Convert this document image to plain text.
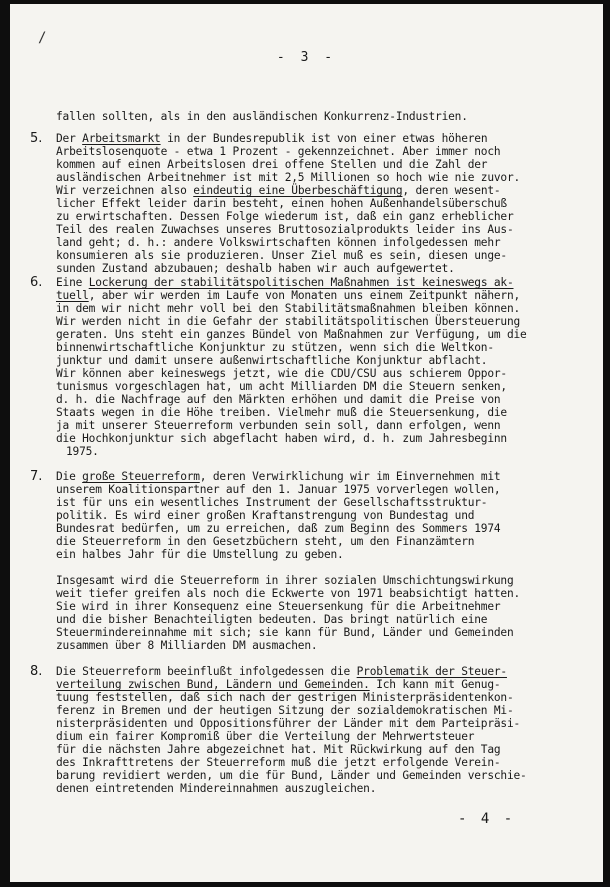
/
- 3 -

fallen sollten, als in den ausländischen Konkurrenz-Industrien.

5. Der Arbeitsmarkt in der Bundesrepublik ist von einer etwas höheren

Arbeitslosenquote - etwa 1 Prozent - gekennzeichnet. Aber immer noch

kommen auf einen Arbeitslosen drei offene Stellen und die Zahl der

ausländischen Arbeitnehmer ist mit 2,5 Millionen so hoch wie nie zuvor.

Wir verzeichnen also eindeutig eine Überbeschäftigung, deren wesent-

licher Effekt leider darin besteht, einen hohen Außenhandelsüberschuß

zu erwirtschaften. Dessen Folge wiederum ist, daß ein ganz erheblicher

Teil des realen Zuwachses unseres Bruttosozialprodukts leider ins Aus-

land geht; d. h.: andere Volkswirtschaften können infolgedessen mehr

konsumieren als sie produzieren. Unser Ziel muß es sein, diesen unge-

sunden Zustand abzubauen; deshalb haben wir auch aufgewertet.

6. Eine Lockerung der stabilitätspolitischen Maßnahmen ist keineswegs ak-

tuell, aber wir werden im Laufe von Monaten uns einem Zeitpunkt nähern,

in dem wir nicht mehr voll bei den Stabilitätsmaßnahmen bleiben können.

Wir werden nicht in die Gefahr der stabilitätspolitischen Übersteuerung

geraten. Uns steht ein ganzes Bündel von Maßnahmen zur Verfügung, um die

binnenwirtschaftliche Konjunktur zu stützen, wenn sich die Weltkon-

junktur und damit unsere außenwirtschaftliche Konjunktur abflacht.

Wir können aber keineswegs jetzt, wie die CDU/CSU aus schierem Oppor-

tunismus vorgeschlagen hat, um acht Milliarden DM die Steuern senken,

d. h. die Nachfrage auf den Märkten erhöhen und damit die Preise von

Staats wegen in die Höhe treiben. Vielmehr muß die Steuersenkung, die

ja mit unserer Steuerreform verbunden sein soll, dann erfolgen, wenn

die Hochkonjunktur sich abgeflacht haben wird, d. h. zum Jahresbeginn

1975.

7. Die große Steuerreform, deren Verwirklichung wir im Einvernehmen mit

unserem Koalitionspartner auf den 1. Januar 1975 vorverlegen wollen,

ist für uns ein wesentliches Instrument der Gesellschaftsstruktur-

politik. Es wird einer großen Kraftanstrengung von Bundestag und

Bundesrat bedürfen, um zu erreichen, daß zum Beginn des Sommers 1974

die Steuerreform in den Gesetzbüchern steht, um den Finanzämtern

ein halbes Jahr für die Umstellung zu geben.

Insgesamt wird die Steuerreform in ihrer sozialen Umschichtungswirkung

weit tiefer greifen als noch die Eckwerte von 1971 beabsichtigt hatten.

Sie wird in ihrer Konsequenz eine Steuersenkung für die Arbeitnehmer

und die bisher Benachteiligten bedeuten. Das bringt natürlich eine

Steuermindereinnahme mit sich; sie kann für Bund, Länder und Gemeinden

zusammen über 8 Milliarden DM ausmachen.

8. Die Steuerreform beeinflußt infolgedessen die Problematik der Steuer-

verteilung zwischen Bund, Ländern und Gemeinden. Ich kann mit Genug-

tuung feststellen, daß sich nach der gestrigen Ministerpräsidentenkon-

ferenz in Bremen und der heutigen Sitzung der sozialdemokratischen Mi-

nisterpräsidenten und Oppositionsführer der Länder mit dem Parteipräsi-

dium ein fairer Kompromiß über die Verteilung der Mehrwertsteuer

für die nächsten Jahre abgezeichnet hat. Mit Rückwirkung auf den Tag

des Inkrafttretens der Steuerreform muß die jetzt erfolgende Verein-

barung revidiert werden, um die für Bund, Länder und Gemeinden verschie-

denen eintretenden Mindereinnahmen auszugleichen.

- 4 -
